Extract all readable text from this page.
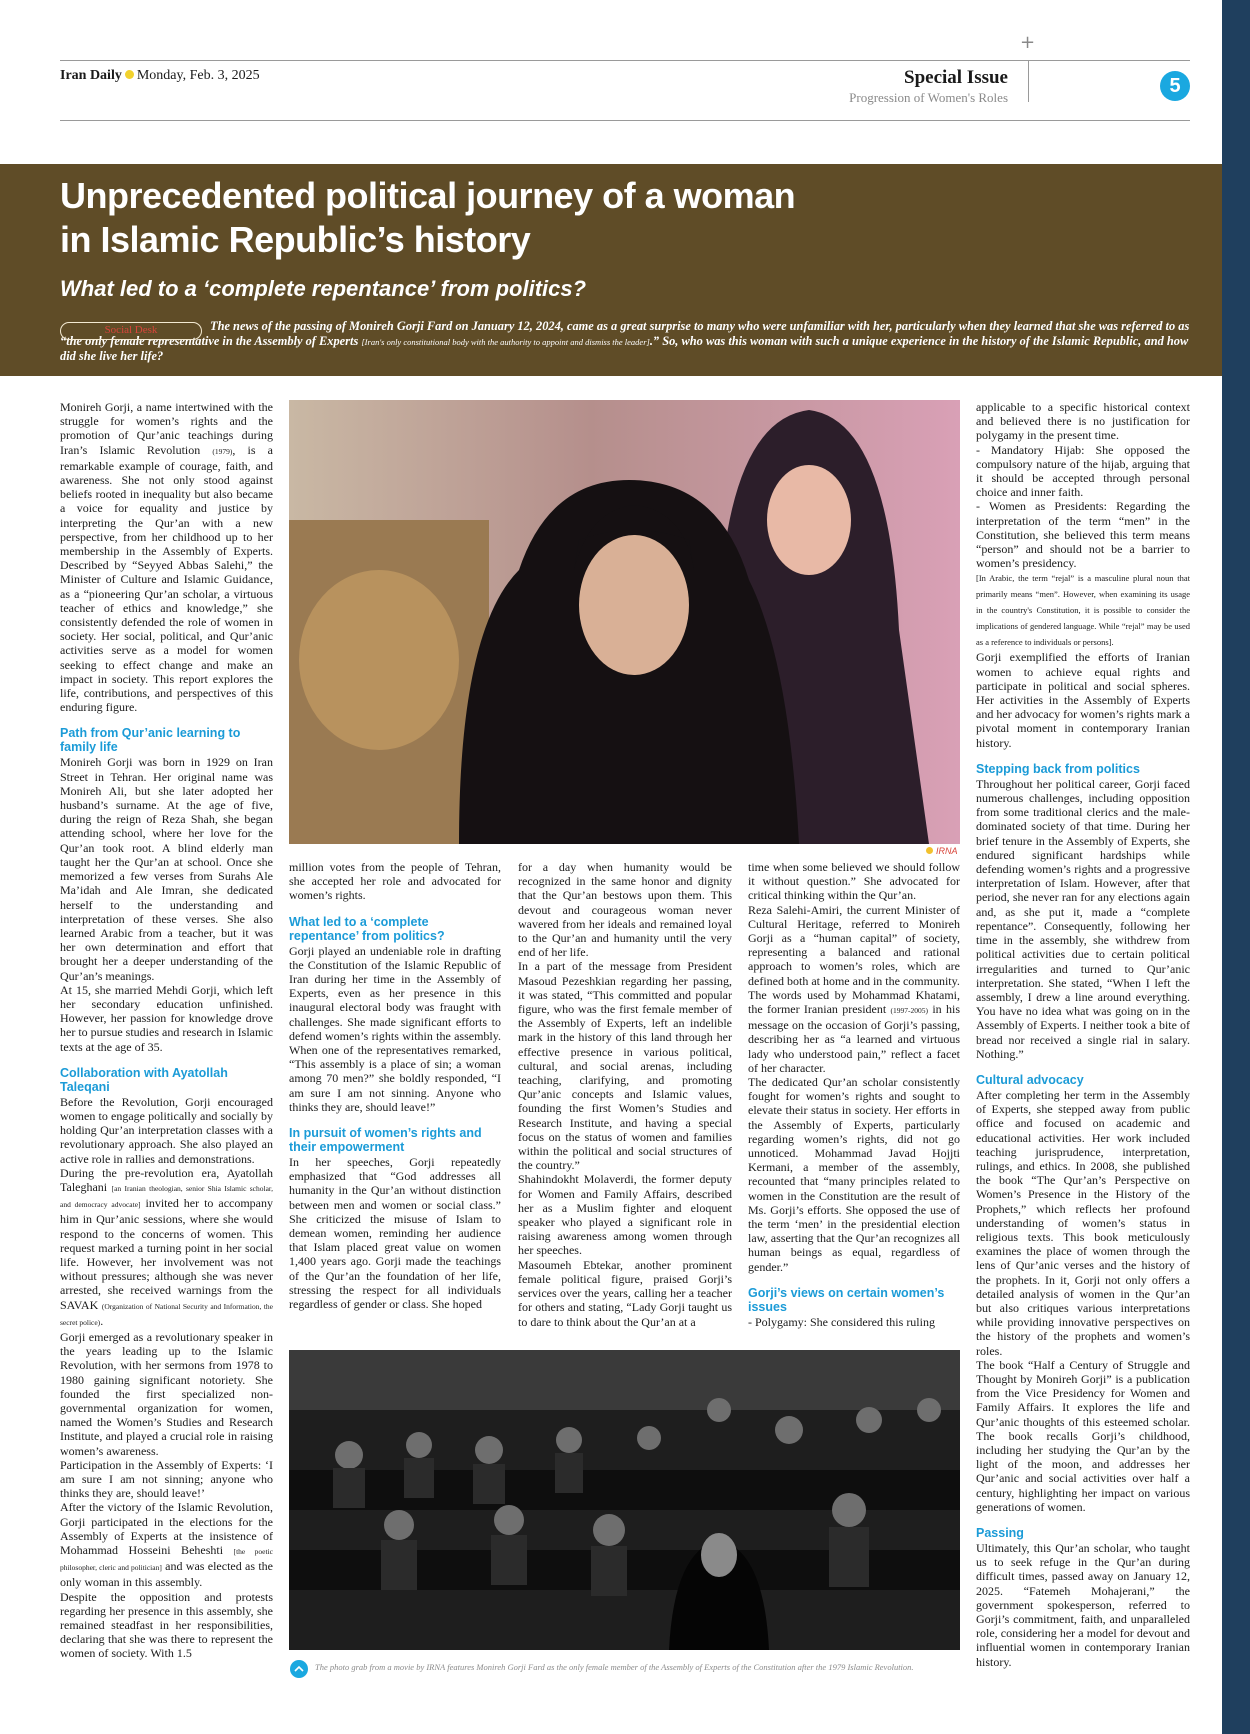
+
Iran Daily Monday, Feb. 3, 2025	Special Issue
Progression of Women's Roles
5
Unprecedented political journey of a woman
in Islamic Republic’s history
What led to a ‘complete repentance’ from politics?

The news of the passing of Monireh Gorji Fard on January 12, 2024, came as a great surprise to many who were unfamiliar with her, particularly when they learned that she was referred to as “the only female representative in the Assembly of Experts [Iran's only constitutional body with the authority to appoint and dismiss the leader].” So, who was this woman with such a unique experience in the history of the Islamic Republic, and how did she live her life?

Social Desk

Monireh Gorji, a name intertwined with the struggle for women’s rights and the promotion of Qur’anic teachings during Iran’s Islamic Revolution (1979), is a remarkable example of courage, faith, and awareness. She not only stood against beliefs rooted in inequality but also became a voice for equality and justice by interpreting the Qur’an with a new perspective, from her childhood up to her membership in the Assembly of Experts. Described by “Seyyed Abbas Salehi,” the Minister of Culture and Islamic Guidance, as a “pioneering Qur’an scholar, a virtuous teacher of ethics and knowledge,” she consistently defended the role of women in society. Her social, political, and Qur’anic activities serve as a model for women seeking to effect change and make an impact in society. This report explores the life, contributions, and perspectives of this enduring figure.

Path from Qur’anic learning to family life

Monireh Gorji was born in 1929 on Iran Street in Tehran. Her original name was Monireh Ali, but she later adopted her husband’s surname. At the age of five, during the reign of Reza Shah, she began attending school, where her love for the Qur’an took root. A blind elderly man taught her the Qur’an at school. Once she memorized a few verses from Surahs Ale Ma’idah and Ale Imran, she dedicated herself to the understanding and interpretation of these verses. She also learned Arabic from a teacher, but it was her own determination and effort that brought her a deeper understanding of the Qur’an’s meanings.

At 15, she married Mehdi Gorji, which left her secondary education unfinished. However, her passion for knowledge drove her to pursue studies and research in Islamic texts at the age of 35.

Collaboration with Ayatollah Taleqani

Before the Revolution, Gorji encouraged women to engage politically and socially by holding Qur’an interpretation classes with a revolutionary approach. She also played an active role in rallies and demonstrations.

During the pre-revolution era, Ayatollah Taleghani [an Iranian theologian, senior Shia Islamic scholar, and democracy advocate] invited her to accompany him in Qur’anic sessions, where she would respond to the concerns of women. This request marked a turning point in her social life. However, her involvement was not without pressures; although she was never arrested, she received warnings from the SAVAK (Organization of National Security and Information, the secret police).

Gorji emerged as a revolutionary speaker in the years leading up to the Islamic Revolution, with her sermons from 1978 to 1980 gaining significant notoriety. She founded the first specialized non-governmental organization for women, named the Women’s Studies and Research Institute, and played a crucial role in raising women’s awareness.

Participation in the Assembly of Experts: ‘I am sure I am not sinning; anyone who thinks they are, should leave!’

After the victory of the Islamic Revolution, Gorji participated in the elections for the Assembly of Experts at the insistence of Mohammad Hosseini Beheshti [the poetic philosopher, cleric and politician] and was elected as the only woman in this assembly.

Despite the opposition and protests regarding her presence in this assembly, she remained steadfast in her responsibilities, declaring that she was there to represent the women of society. With 1.5

IRNA

million votes from the people of Tehran, she accepted her role and advocated for women’s rights.

What led to a ‘complete repentance’ from politics?

Gorji played an undeniable role in drafting the Constitution of the Islamic Republic of Iran during her time in the Assembly of Experts, even as her presence in this inaugural electoral body was fraught with challenges. She made significant efforts to defend women’s rights within the assembly. When one of the representatives remarked, “This assembly is a place of sin; a woman among 70 men?” she boldly responded, “I am sure I am not sinning. Anyone who thinks they are, should leave!”

In pursuit of women’s rights and their empowerment

In her speeches, Gorji repeatedly emphasized that “God addresses all humanity in the Qur’an without distinction between men and women or social class.” She criticized the misuse of Islam to demean women, reminding her audience that Islam placed great value on women 1,400 years ago. Gorji made the teachings of the Qur’an the foundation of her life, stressing the respect for all individuals regardless of gender or class. She hoped

for a day when humanity would be recognized in the same honor and dignity that the Qur’an bestows upon them. This devout and courageous woman never wavered from her ideals and remained loyal to the Qur’an and humanity until the very end of her life.

In a part of the message from President Masoud Pezeshkian regarding her passing, it was stated, “This committed and popular figure, who was the first female member of the Assembly of Experts, left an indelible mark in the history of this land through her effective presence in various political, cultural, and social arenas, including teaching, clarifying, and promoting Qur’anic concepts and Islamic values, founding the first Women’s Studies and Research Institute, and having a special focus on the status of women and families within the political and social structures of the country.”

Shahindokht Molaverdi, the former deputy for Women and Family Affairs, described her as a Muslim fighter and eloquent speaker who played a significant role in raising awareness among women through her speeches.

Masoumeh Ebtekar, another prominent female political figure, praised Gorji’s services over the years, calling her a teacher for others and stating, “Lady Gorji taught us to dare to think about the Qur’an at a

time when some believed we should follow it without question.” She advocated for critical thinking within the Qur’an.

Reza Salehi-Amiri, the current Minister of Cultural Heritage, referred to Monireh Gorji as a “human capital” of society, representing a balanced and rational approach to women’s roles, which are defined both at home and in the community.

The words used by Mohammad Khatami, the former Iranian president (1997-2005) in his message on the occasion of Gorji’s passing, describing her as “a learned and virtuous lady who understood pain,” reflect a facet of her character.

The dedicated Qur’an scholar consistently fought for women’s rights and sought to elevate their status in society. Her efforts in the Assembly of Experts, particularly regarding women’s rights, did not go unnoticed. Mohammad Javad Hojjti Kermani, a member of the assembly, recounted that “many principles related to women in the Constitution are the result of Ms. Gorji’s efforts. She opposed the use of the term ‘men’ in the presidential election law, asserting that the Qur’an recognizes all human beings as equal, regardless of gender.”

Gorji’s views on certain women’s issues

- Polygamy: She considered this ruling

applicable to a specific historical context and believed there is no justification for polygamy in the present time.

- Mandatory Hijab: She opposed the compulsory nature of the hijab, arguing that it should be accepted through personal choice and inner faith.

- Women as Presidents: Regarding the interpretation of the term “men” in the Constitution, she believed this term means “person” and should not be a barrier to women’s presidency.

[In Arabic, the term “rejal” is a masculine plural noun that primarily means “men”. However, when examining its usage in the country's Constitution, it is possible to consider the implications of gendered language. While “rejal” may be used as a reference to individuals or persons].

Gorji exemplified the efforts of Iranian women to achieve equal rights and participate in political and social spheres. Her activities in the Assembly of Experts and her advocacy for women’s rights mark a pivotal moment in contemporary Iranian history.

Stepping back from politics

Throughout her political career, Gorji faced numerous challenges, including opposition from some traditional clerics and the male-dominated society of that time. During her brief tenure in the Assembly of Experts, she endured significant hardships while defending women’s rights and a progressive interpretation of Islam. However, after that period, she never ran for any elections again and, as she put it, made a “complete repentance”. Consequently, following her time in the assembly, she withdrew from political activities due to certain political irregularities and turned to Qur’anic interpretation. She stated, “When I left the assembly, I drew a line around everything. You have no idea what was going on in the Assembly of Experts. I neither took a bite of bread nor received a single rial in salary. Nothing.”

Cultural advocacy

After completing her term in the Assembly of Experts, she stepped away from public office and focused on academic and educational activities. Her work included teaching jurisprudence, interpretation, rulings, and ethics. In 2008, she published the book “The Qur’an’s Perspective on Women’s Presence in the History of the Prophets,” which reflects her profound understanding of women’s status in religious texts. This book meticulously examines the place of women through the lens of Qur’anic verses and the history of the prophets. In it, Gorji not only offers a detailed analysis of women in the Qur’an but also critiques various interpretations while providing innovative perspectives on the history of the prophets and women’s roles.

The book “Half a Century of Struggle and Thought by Monireh Gorji” is a publication from the Vice Presidency for Women and Family Affairs. It explores the life and Qur’anic thoughts of this esteemed scholar. The book recalls Gorji’s childhood, including her studying the Qur’an by the light of the moon, and addresses her Qur’anic and social activities over half a century, highlighting her impact on various generations of women.

Passing

Ultimately, this Qur’an scholar, who taught us to seek refuge in the Qur’an during difficult times, passed away on January 12, 2025. “Fatemeh Mohajerani,” the government spokesperson, referred to Gorji’s commitment, faith, and unparalleled role, considering her a model for devout and influential women in contemporary Iranian history.

The photo grab from a movie by IRNA features Monireh Gorji Fard as the only female member of the Assembly of Experts of the Constitution after the 1979 Islamic Revolution.
